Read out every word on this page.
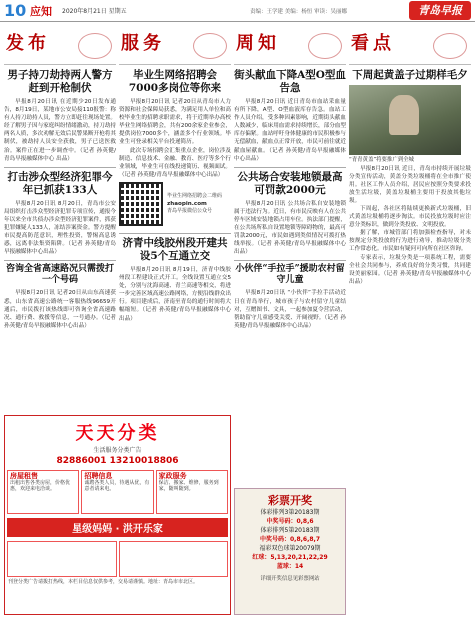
10 应知 2020年8月21日 星期五	责编：王学建 美编：杨恒 审读：吴丽娜	青岛早报
发布
男子持刀劫持两人警方赶到开枪制伏

早报8月20日讯 在近期少20日发布通告，8月19日，某地市公安局接110报警：称有人持刀劫持人员，警方立即赶往现场处置。经了解男子因与家庭纠纷情绪激动，持刀劫持两名人质，多次劝解无效后民警果断开枪将其制伏，被劫持人员安全获救，男子已送医救治。案件正在进一步调查中。（记者 孙英健/青岛早报融媒体中心 出品）

打击涉众型经济犯罪今年已抓获133人

早报8月20日讯 8月20日，青岛市公安局组织打击涉众型经济犯罪专项宣传，通报今年以来全市共侦办涉众型经济犯罪案件，抓获犯罪嫌疑人133人，冻结涉案资金。警方提醒市民提高防范意识，理性投资，警惕高息诱惑，远离非法集资陷阱。（记者 孙英健/青岛早报融媒体中心出品）

咨询全省高速路况只需拨打一个号码

早报8月20日讯 记者20日从山东高速获悉，山东省高速公路统一客服热线96659开通后，市民拨打该热线即可咨询全省高速路况、通行费、救援等信息，一号通办。（记者 孙英健/青岛早报融媒体中心出品）

服务
毕业生网络招聘会7000多岗位等你来

早报8月20日讯 记者20日从青岛市人力资源和社会保障局获悉，为满足用人单位和高校毕业生的招聘求职需求，将于近期举办高校毕业生网络招聘会，共有200余家企业参会，提供岗位7000多个，涵盖多个行业领域。毕业生可登录相关平台投递简历。

此次专场招聘会汇集重点企业，岗位涉及制造、信息技术、金融、教育、医疗等多个行业领域，毕业生可在线投递简历、视频面试。（记者 孙英健/青岛早报融媒体中心出品）

毕业生网络招聘会二维码
zhaopin.com
青岛早报微信公众号
济青中线胶州段开建共设5个互通立交

早报8月20日讯 8月19日，济青中线胶州段工程建设正式开工。全线设置互通立交5处，分别与沈海高速、青兰高速等相交，将进一步完善区域高速公路网络，方便沿线群众出行。项目建成后，济南至青岛的通行时间将大幅缩短。（记者 孙英健/青岛早报融媒体中心出品）

周知
街头献血下降A型O型血告急

早报8月20日讯 近日青岛市血站采血量有所下降，A型、O型血液库存告急。血站工作人员介绍，受多种因素影响，近期街头献血人数减少，临床用血需求持续增长，部分血型库存偏紧。血站呼吁身体健康的市民积极参与无偿献血，献血点正常开放，市民可前往就近献血屋献血。（记者 孙英健/青岛早报融媒体中心出品）

公共场合安装地锁最高可罚款2000元

早报8月20日讯 公共场合私自安装地锁属于违法行为。近日，有市民反映有人在公共停车区域安装地锁占用车位。执法部门提醒，在公共场所私自设置地锁等障碍物的，最高可罚款2000元，市民如遇到类似情况可拨打热线举报。（记者 孙英健/青岛早报融媒体中心出品）

小伙伴“手拉手”援助农村留守儿童

早报8月20日讯 “小伙伴”手拉手活动近日在青岛举行，城市孩子与农村留守儿童结对，互赠图书、文具，一起参加夏令营活动，帮助留守儿童感受关爱、开阔视野。（记者 孙英健/青岛早报融媒体中心出品）

看点
下周起黄盖子过期样毛夕
“青青黄盖”将要推广到全城

早报8月20日讯 近日，青岛市持续开展垃圾分类宣传活动，黄盖分类垃圾桶将在全市推广使用。社区工作人员介绍，居民应按照分类要求投放生活垃圾，黄盖垃圾桶主要用于投放其他垃圾。

下周起，各社区将陆续更换新式垃圾桶，旧式黄盖垃圾桶将逐步淘汰。市民投放垃圾时应注意分类标识，做到分类投放、文明投放。

据了解，市城管部门将加强检查指导，对未按规定分类投放的行为进行劝导，推动垃圾分类工作常态化。市民如有疑问可向所在社区咨询。

专家表示，垃圾分类是一项系统工程，需要全社会共同参与，养成良好的分类习惯，共同建设美丽家园。（记者 孙英健/青岛早报融媒体中心出品）

天天分类
生活服务分类广告
82886001 13210018806
房屋租售
出租出售各类房屋，价格优惠，欢迎来电洽谈。
招聘信息
诚聘各类人员，待遇从优，有意者请来电。
家政服务
保洁、搬家、维修，服务到家，随叫随到。
星级妈妈 · 洪开乐家
刊登分类广告请拨打热线，本栏目信息仅供参考，交易请谨慎。地址：青岛市市北区。
彩票开奖
体彩排列3第20183期
中奖号码：0,8,6
体彩排列5第20183期
中奖号码：0,8,6,8,7
福彩双色球第20079期
红球：5,13,20,21,22,29
蓝球：14
详细开奖信息见彩票网站
